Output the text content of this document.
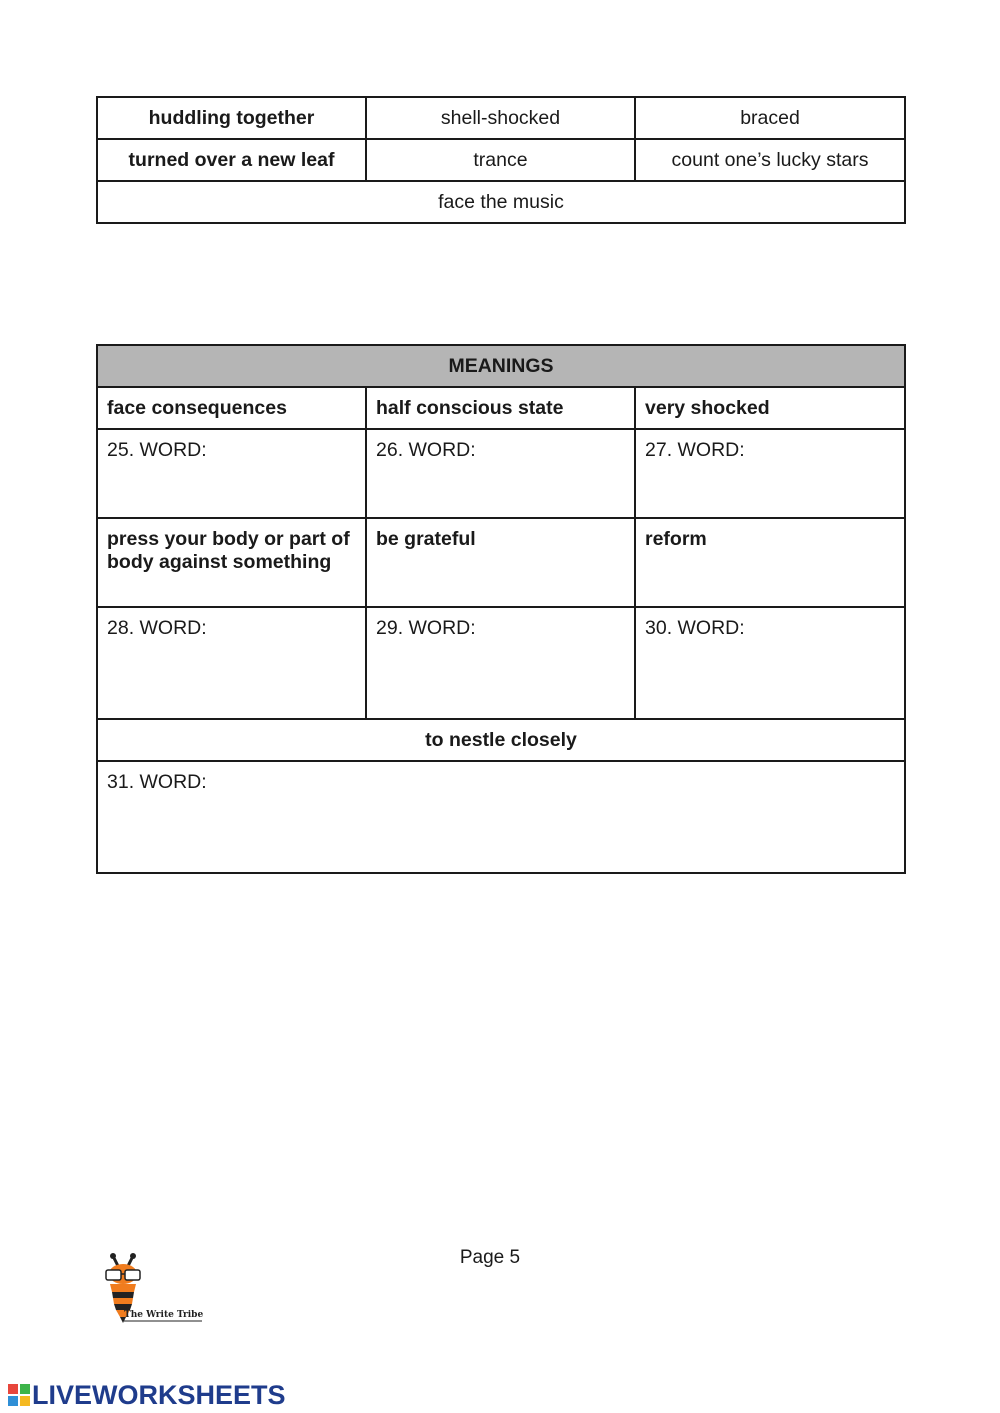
huddling together	shell-shocked	braced
turned over a new leaf	trance	count one’s lucky stars
face the music		
MEANINGS		
face consequences	half conscious state	very shocked
25. WORD:	26. WORD:	27. WORD:
press your body or part of body against something	be grateful	reform
28. WORD:	29. WORD:	30. WORD:
to nestle closely		
31. WORD:		
Page 5
The Write Tribe
LIVEWORKSHEETS
